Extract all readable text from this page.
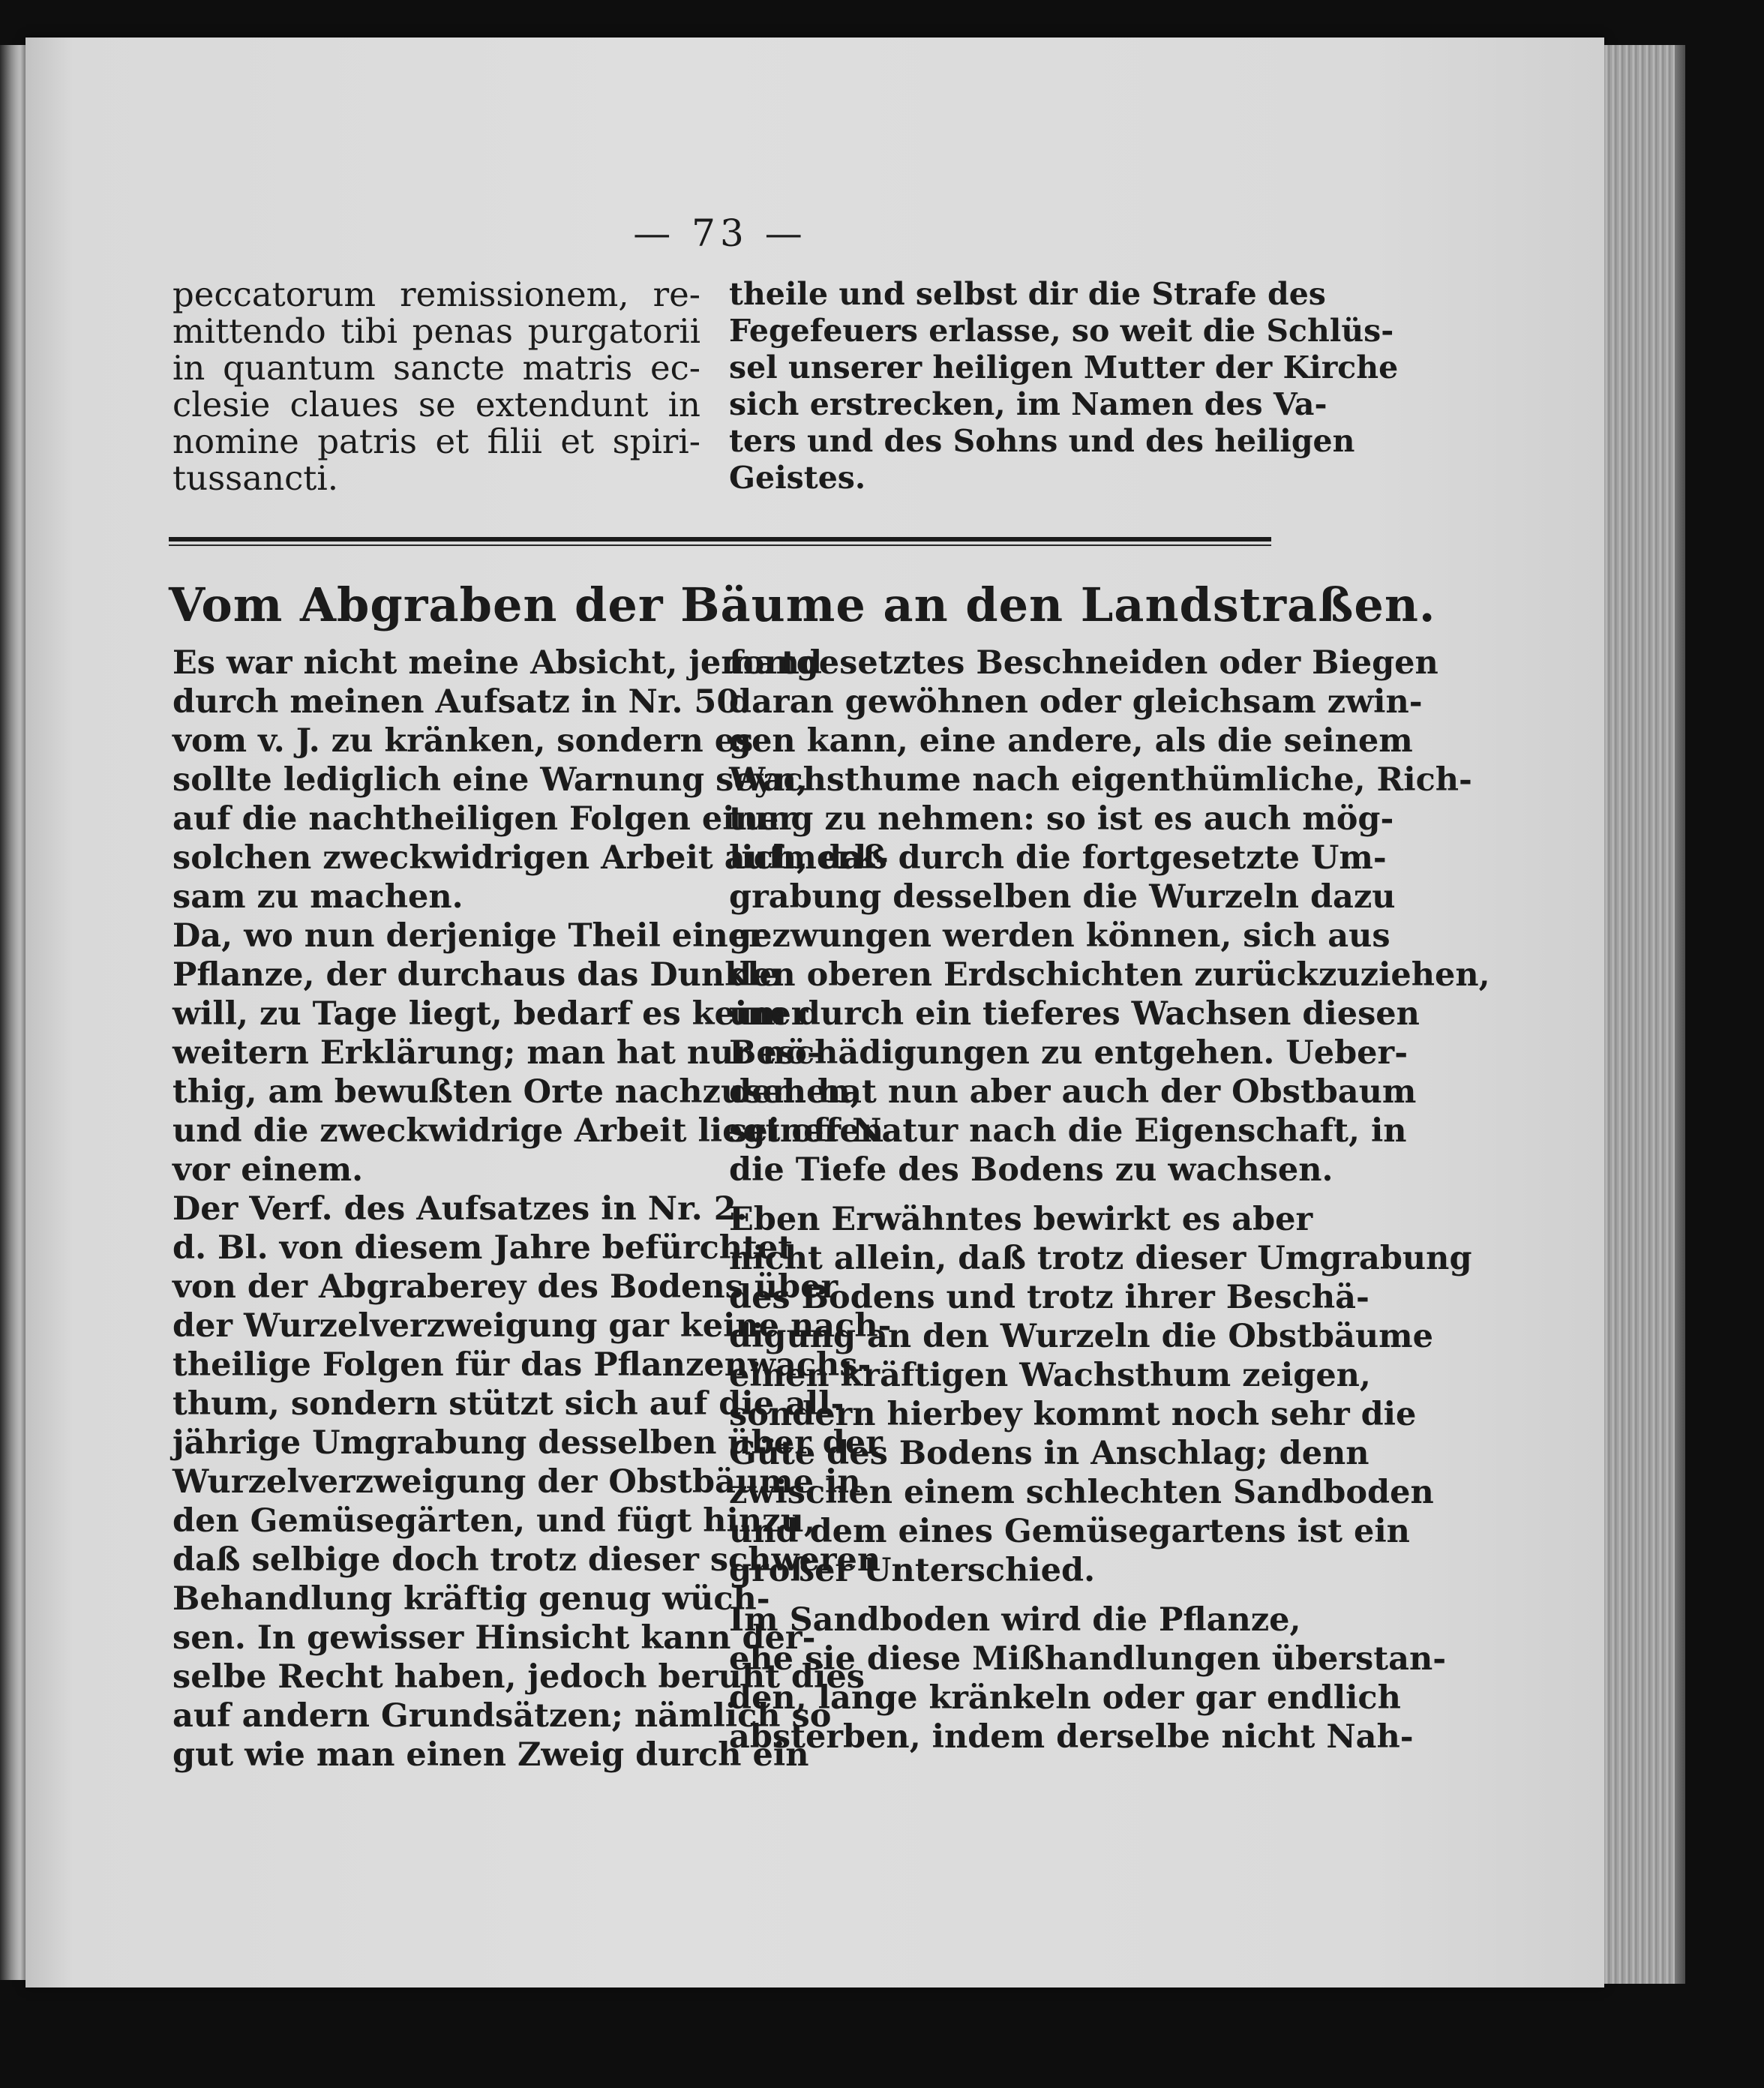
— 73 —
peccatorum remissionem, re-
mittendo tibi penas purgatorii
in quantum sancte matris ec-
clesie claues se extendunt in
nomine patris et filii et spiri-
tussancti.
theile und selbst dir die Strafe des
Fegefeuers erlasse, so weit die Schlüs-
sel unserer heiligen Mutter der Kirche
sich erstrecken, im Namen des Va-
ters und des Sohns und des heiligen
Geistes.
Vom Abgraben der Bäume an den Landstraßen.
Es war nicht meine Absicht, jemand
durch meinen Aufsatz in Nr. 50.
vom v. J. zu kränken, sondern es
sollte lediglich eine Warnung seyn,
auf die nachtheiligen Folgen einer
solchen zweckwidrigen Arbeit aufmerk-
sam zu machen.
Da, wo nun derjenige Theil einer
Pflanze, der durchaus das Dunkle
will, zu Tage liegt, bedarf es keiner
weitern Erklärung; man hat nur nö-
thig, am bewußten Orte nachzusehen,
und die zweckwidrige Arbeit liegt offen
vor einem.
Der Verf. des Aufsatzes in Nr. 2.
d. Bl. von diesem Jahre befürchtet
von der Abgraberey des Bodens über
der Wurzelverzweigung gar keine nach-
theilige Folgen für das Pflanzenwachs-
thum, sondern stützt sich auf die all-
jährige Umgrabung desselben über der
Wurzelverzweigung der Obstbäume in
den Gemüsegärten, und fügt hinzu,
daß selbige doch trotz dieser schweren
Behandlung kräftig genug wüch-
sen. In gewisser Hinsicht kann der-
selbe Recht haben, jedoch beruht dies
auf andern Grundsätzen; nämlich so
gut wie man einen Zweig durch ein
fortgesetztes Beschneiden oder Biegen
daran gewöhnen oder gleichsam zwin-
gen kann, eine andere, als die seinem
Wachsthume nach eigenthümliche, Rich-
tung zu nehmen: so ist es auch mög-
lich, daß durch die fortgesetzte Um-
grabung desselben die Wurzeln dazu
gezwungen werden können, sich aus
den oberen Erdschichten zurückzuziehen,
um durch ein tieferes Wachsen diesen
Beschädigungen zu entgehen. Ueber-
dem hat nun aber auch der Obstbaum
seiner Natur nach die Eigenschaft, in
die Tiefe des Bodens zu wachsen.
Eben Erwähntes bewirkt es aber
nicht allein, daß trotz dieser Umgrabung
des Bodens und trotz ihrer Beschä-
digung an den Wurzeln die Obstbäume
einen kräftigen Wachsthum zeigen,
sondern hierbey kommt noch sehr die
Güte des Bodens in Anschlag; denn
zwischen einem schlechten Sandboden
und dem eines Gemüsegartens ist ein
großer Unterschied.
Im Sandboden wird die Pflanze,
ehe sie diese Mißhandlungen überstan-
den, lange kränkeln oder gar endlich
absterben, indem derselbe nicht Nah-
